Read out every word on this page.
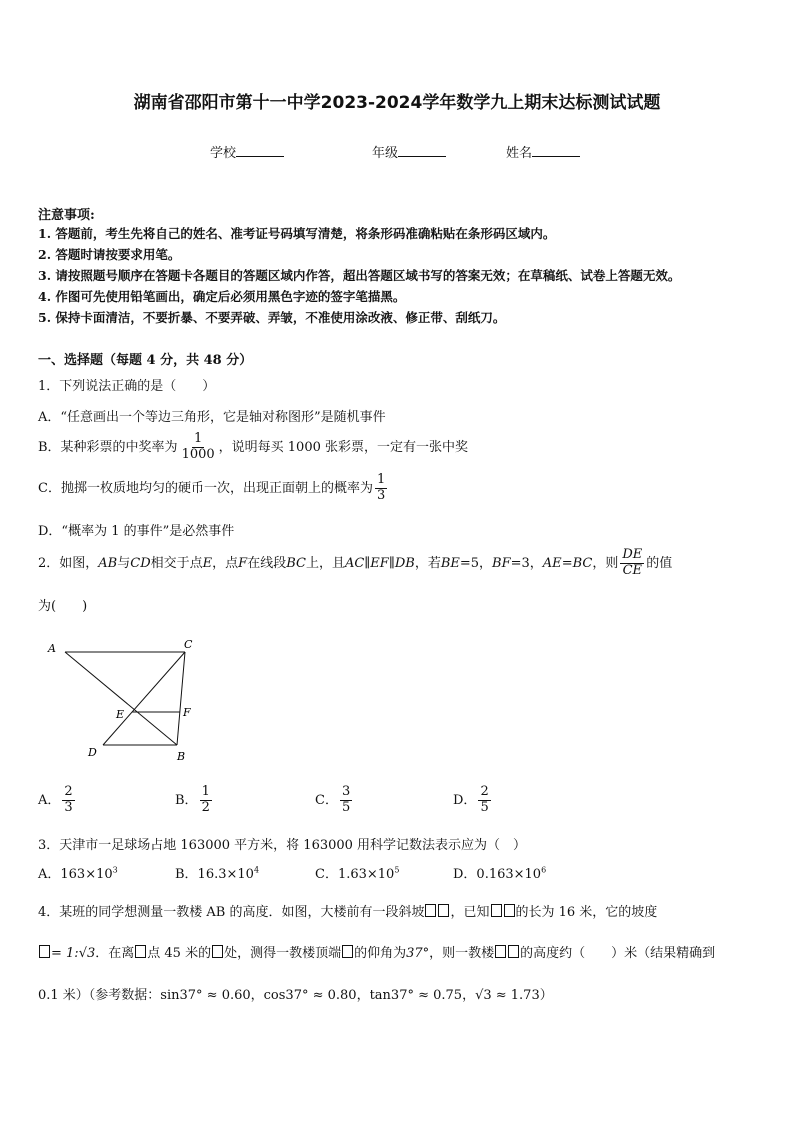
湖南省邵阳市第十一中学2023-2024学年数学九上期末达标测试试题
学校	年级	姓名
注意事项:
1. 答题前，考生先将自己的姓名、准考证号码填写清楚，将条形码准确粘贴在条形码区域内。
2. 答题时请按要求用笔。
3. 请按照题号顺序在答题卡各题目的答题区域内作答，超出答题区域书写的答案无效；在草稿纸、试卷上答题无效。
4. 作图可先使用铅笔画出，确定后必须用黑色字迹的签字笔描黑。
5. 保持卡面清洁，不要折暴、不要弄破、弄皱，不准使用涂改液、修正带、刮纸刀。
一、选择题（每题 4 分，共 48 分）
1．下列说法正确的是（　　）
A．“任意画出一个等边三角形，它是轴对称图形”是随机事件
B．某种彩票的中奖率为 $\frac{1}{1000}$ ，说明每买 1000 张彩票，一定有一张中奖
C．抛掷一枚质地均匀的硬币一次，出现正面朝上的概率为 $\frac{1}{3}$
D．“概率为 1 的事件”是必然事件
2．如图，AB与CD相交于点E，点F在线段BC上，且AC∥EF∥DB，若BE=5，BF=3，AE=BC，则 $\frac{DE}{CE}$ 的值
为(　　)
A	C
E	F
D	B
A． $\frac{2}{3}$	B． $\frac{1}{2}$	C． $\frac{3}{5}$	D． $\frac{2}{5}$
3．天津市一足球场占地 163000 平方米，将 163000 用科学记数法表示应为（　）
A．$163\times 10^3$	B．$16.3\times 10^4$	C．$1.63\times 10^5$	D．$0.163\times 10^6$
4．某班的同学想测量一教楼 AB 的高度．如图，大楼前有一段斜坡 ，已知 的长为 16 米，它的坡度
= 1:√3．在离 点 45 米的 处，测得一教楼顶端 的仰角为37°，则一教楼 的高度约（　　）米（结果精确到
0.1 米）（参考数据：sin37° ≈ 0.60，cos37° ≈ 0.80，tan37° ≈ 0.75，√3 ≈ 1.73）
